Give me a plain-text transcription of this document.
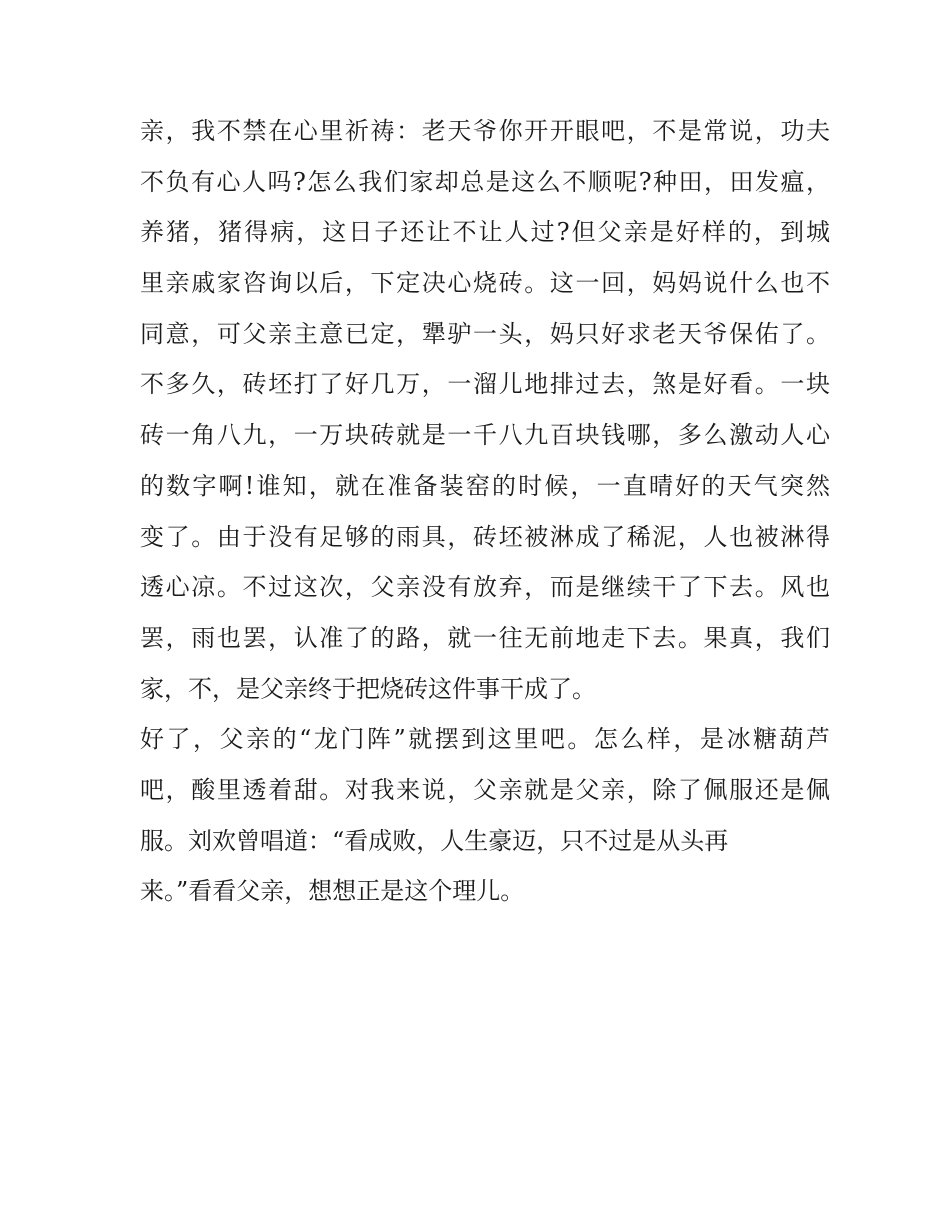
亲，我不禁在心里祈祷：老天爷你开开眼吧，不是常说，功夫
不负有心人吗?怎么我们家却总是这么不顺呢?种田，田发瘟，
养猪，猪得病，这日子还让不让人过?但父亲是好样的，到城
里亲戚家咨询以后，下定决心烧砖。这一回，妈妈说什么也不
同意，可父亲主意已定，犟驴一头，妈只好求老天爷保佑了。
不多久，砖坯打了好几万，一溜儿地排过去，煞是好看。一块
砖一角八九，一万块砖就是一千八九百块钱哪，多么激动人心
的数字啊!谁知，就在准备装窑的时候，一直晴好的天气突然
变了。由于没有足够的雨具，砖坯被淋成了稀泥，人也被淋得
透心凉。不过这次，父亲没有放弃，而是继续干了下去。风也
罢，雨也罢，认准了的路，就一往无前地走下去。果真，我们
家，不，是父亲终于把烧砖这件事干成了。
好了，父亲的“龙门阵”就摆到这里吧。怎么样，是冰糖葫芦
吧，酸里透着甜。对我来说，父亲就是父亲，除了佩服还是佩
服。刘欢曾唱道：“看成败，人生豪迈，只不过是从头再
来。”看看父亲，想想正是这个理儿。
